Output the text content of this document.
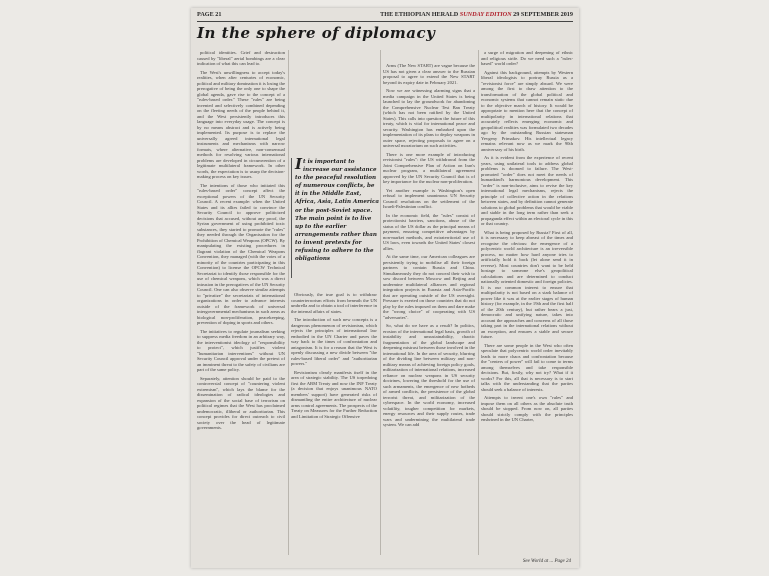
PAGE 21	THE ETHIOPIAN HERALD SUNDAY EDITION 29 SEPTEMBER 2019
In the sphere of diplomacy

political identities. Grief and destruction caused by "liberal" aerial bombings are a clear indication of what this can lead to.

The West's unwillingness to accept today's realities, when after centuries of economic, political and military domination it is losing the prerogative of being the only one to shape the global agenda, gave rise to the concept of a "rules-based order." These "rules" are being invented and selectively combined depending on the fleeting needs of the people behind it, and the West persistently introduces this language into everyday usage. The concept is by no means abstract and is actively being implemented. Its purpose is to replace the universally agreed international legal instruments and mechanisms with narrow formats, where alternative, non-consensual methods for resolving various international problems are developed in circumvention of a legitimate multilateral framework. In other words, the expectation is to usurp the decision-making process on key issues.

The intentions of those who initiated this "rules-based order" concept affect the exceptional powers of the UN Security Council. A recent example: when the United States and its allies failed to convince the Security Council to approve politicized decisions that accused, without any proof, the Syrian government of using prohibited toxic substances, they started to promote the "rules" they needed through the Organisation for the Prohibition of Chemical Weapons (OPCW). By manipulating the existing procedures in flagrant violation of the Chemical Weapons Convention, they managed (with the votes of a minority of the countries participating in this Convention) to license the OPCW Technical Secretariat to identify those responsible for the use of chemical weapons, which was a direct intrusion in the prerogatives of the UN Security Council. One can also observe similar attempts to "privatize" the secretariats of international organizations in order to advance interests outside of the framework of universal intergovernmental mechanisms in such areas as biological non-proliferation, peacekeeping, prevention of doping in sports and others.

The initiatives to regulate journalism seeking to suppress media freedom in an arbitrary way, the interventionist ideology of "responsibility to protect", which justifies violent "humanitarian interventions" without UN Security Council approval under the pretext of an imminent threat to the safety of civilians are part of the same policy.

Separately, attention should be paid to the controversial concept of "countering violent extremism", which lays the blame for the dissemination of radical ideologies and expansion of the social base of terrorism on political regimes that the West has proclaimed undemocratic, illiberal or authoritarian. This concept provides for direct outreach to civil society over the head of legitimate governments.

It is important to increase our assistance to the peaceful resolution of numerous conflicts, be it in the Middle East, Africa, Asia, Latin America or the post-Soviet space. The main point is to live up to the earlier arrangements rather than to invent pretexts for refusing to adhere to the obligations

Obviously, the true goal is to withdraw counterterrorism efforts from beneath the UN umbrella and to obtain a tool of interference in the internal affairs of states.

The introduction of such new concepts is a dangerous phenomenon of revisionism, which rejects the principles of international law embodied in the UN Charter and paves the way back to the times of confrontation and antagonism. It is for a reason that the West is openly discussing a new divide between "the rules-based liberal order" and "authoritarian powers."

Revisionism clearly manifests itself in the area of strategic stability. The US torpedoing first the ABM Treaty and now the INF Treaty (a decision that enjoys unanimous NATO members' support) have generated risks of dismantling the entire architecture of nuclear arms control agreements. The prospects of the Treaty on Measures for the Further Reduction and Limitation of Strategic Offensive

Arms (The New START) are vague because the US has not given a clear answer to the Russian proposal to agree to extend the New START beyond its expiry date in February 2021.

Now we are witnessing alarming signs that a media campaign in the United States is being launched to lay the groundwork for abandoning the Comprehensive Nuclear Test Ban Treaty (which has not been ratified by the United States). This calls into question the future of this treaty, which is vital for international peace and security. Washington has embarked upon the implementation of its plans to deploy weapons in outer space, rejecting proposals to agree on a universal moratorium on such activities.

There is one more example of introducing revisionist "rules": the US withdrawal from the Joint Comprehensive Plan of Action on Iran's nuclear program, a multilateral agreement approved by the UN Security Council that is of key importance for the nuclear non-proliferation.

Yet another example is Washington's open refusal to implement unanimous UN Security Council resolutions on the settlement of the Israeli-Palestinian conflict.

In the economic field, the "rules" consist of protectionist barriers, sanctions, abuse of the status of the US dollar as the principal means of payment, ensuring competitive advantages by non-market methods, and extraterritorial use of US laws, even towards the United States' closest allies.

At the same time, our American colleagues are persistently trying to mobilise all their foreign partners to contain Russia and China. Simultaneously they do not conceal their wish to sow discord between Moscow and Beijing and undermine multilateral alliances and regional integration projects in Eurasia and Asia-Pacific that are operating outside of the US oversight. Pressure is exerted on those countries that do not play by the rules imposed on them and dare make the "wrong choice" of cooperating with US "adversaries".

So, what do we have as a result? In politics, erosion of the international legal basis, growth of instability and unsustainability, chaotic fragmentation of the global landscape and deepening mistrust between those involved in the international life. In the area of security, blurring of the dividing line between military and non-military means of achieving foreign policy goals, militarization of international relations, increased reliance on nuclear weapons in US security doctrines, lowering the threshold for the use of such armaments, the emergence of new hotbeds of armed conflicts, the persistence of the global terrorist threat, and militarization of the cyberspace. In the world economy, increased volatility, tougher competition for markets, energy resources and their supply routes, trade wars and undermining the multilateral trade system. We can add

a surge of migration and deepening of ethnic and religious strife. Do we need such a "rules-based" world order?

Against this background, attempts by Western liberal ideologists to portray Russia as a "revisionist force" are simply absurd. We were among the first to draw attention to the transformation of the global political and economic systems that cannot remain static due to the objective march of history. It would be appropriate to mention here that the concept of multipolarity in international relations that accurately reflects emerging economic and geopolitical realities was formulated two decades ago by the outstanding Russian statesman Yevgeny Primakov. His intellectual legacy remains relevant now as we mark the 90th anniversary of his birth.

As it is evident from the experience of recent years, using unilateral tools to address global problems is doomed to failure. The West-promoted "order" does not meet the needs of humankind's harmonious development. This "order" is non-inclusive, aims to revise the key international legal mechanisms, rejects the principle of collective action in the relations between states, and by definition cannot generate solutions to global problems that would be viable and stable in the long term rather than seek a propaganda effect within an electoral cycle in this or that country.

What is being proposed by Russia? First of all, it is necessary to keep abreast of the times and recognise the obvious: the emergence of a polycentric world architecture is an irreversible process, no matter how hard anyone tries to artificially hold it back (let alone send it in reverse). Most countries don't want to be held hostage to someone else's geopolitical calculations and are determined to conduct nationally oriented domestic and foreign policies. It is our common interest to ensure that multipolarity is not based on a stark balance of power like it was at the earlier stages of human history (for example, in the 19th and the first half of the 20th century), but rather bears a just, democratic and unifying nature, takes into account the approaches and concerns of all those taking part in the international relations without an exception, and ensures a stable and secure future.

There are some people in the West who often speculate that polycentric world order inevitably leads to more chaos and confrontation because the "centers of power" will fail to come to terms among themselves and take responsible decisions. But, firstly, why not try? What if it works? For this, all that is necessary is to start talks with the understanding that the parties should seek a balance of interests.

Attempts to invent one's own "rules" and impose them on all others as the absolute truth should be stopped. From now on, all parties should strictly comply with the principles enshrined in the UN Charter,

See World at ... Page 24
